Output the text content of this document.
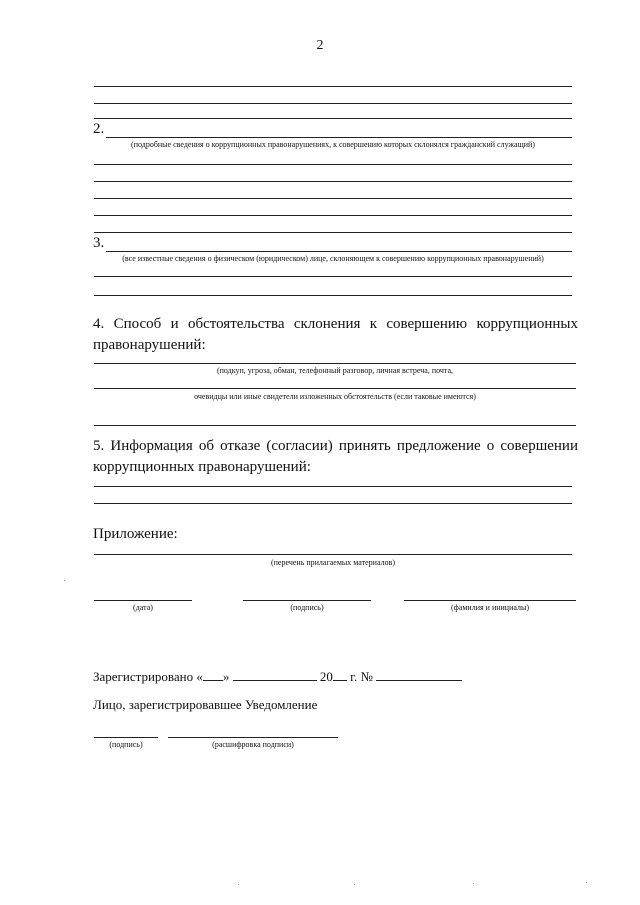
2
2.
(подробные сведения о коррупционных правонарушениях, к совершению которых склонялся гражданский служащий)
3.
(все известные сведения о физическом (юридическом) лице, склоняющем к совершению коррупционных правонарушений)
4. Способ и обстоятельства склонения к совершению коррупционных
правонарушений:
(подкуп, угроза, обман, телефонный разговор, личная встреча, почта,
очевидцы или иные свидетели изложенных обстоятельств (если таковые имеются)
5. Информация об отказе (согласии) принять предложение о совершении
коррупционных правонарушений:
Приложение:
(перечень прилагаемых материалов)
(дата)	(подпись)	(фамилия и инициалы)
Зарегистрировано « »	20 г. №
Лицо, зарегистрировавшее Уведомление
(подпись)	(расшифровка подписи)
